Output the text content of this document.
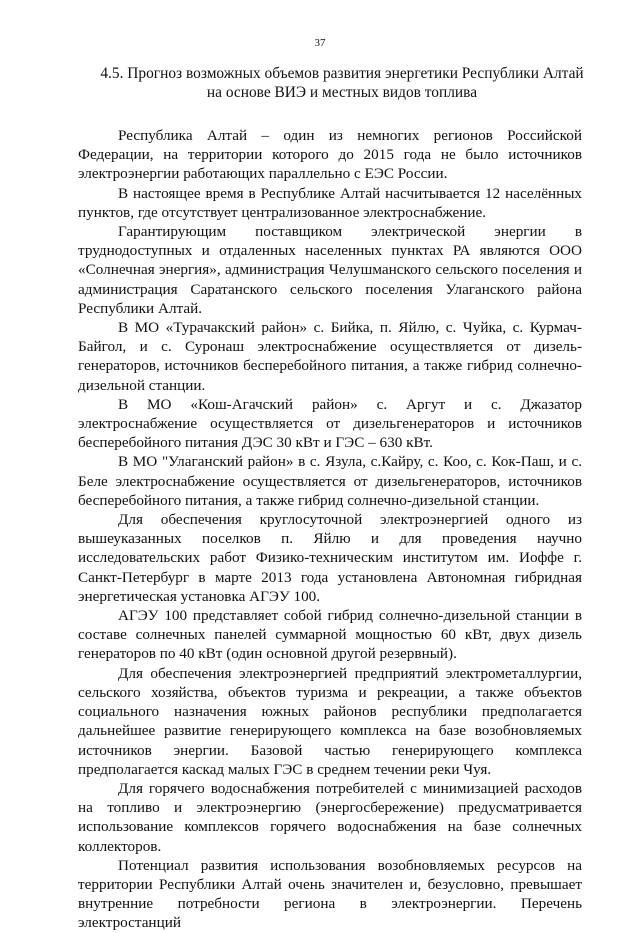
37
4.5. Прогноз возможных объемов развития энергетики Республики Алтай
на основе ВИЭ и местных видов топлива

Республика Алтай – один из немногих регионов Российской Федерации, на территории которого до 2015 года не было источников электроэнергии работающих параллельно с ЕЭС России.

В настоящее время в Республике Алтай насчитывается 12 населённых пунктов, где отсутствует централизованное электроснабжение.

Гарантирующим поставщиком электрической энергии в труднодоступных и отдаленных населенных пунктах РА являются ООО «Солнечная энергия», администрация Челушманского сельского поселения и администрация Саратанского сельского поселения Улаганского района Республики Алтай.

В МО «Турачакский район» с. Бийка, п. Яйлю, с. Чуйка, с. Курмач-Байгол, и с. Суронаш электроснабжение осуществляется от дизель-генераторов, источников бесперебойного питания, а также гибрид солнечно-дизельной станции.

В МО «Кош-Агачский район» с. Аргут и с. Джазатор электроснабжение осуществляется от дизельгенераторов и источников бесперебойного питания ДЭС 30 кВт и ГЭС – 630 кВт.

В МО "Улаганский район» в с. Язула, с.Кайру, с. Коо, с. Кок-Паш, и с. Беле электроснабжение осуществляется от дизельгенераторов, источников бесперебойного питания, а также гибрид солнечно-дизельной станции.

Для обеспечения круглосуточной электроэнергией одного из вышеуказанных поселков п. Яйлю и для проведения научно исследовательских работ Физико-техническим институтом им. Иоффе г. Санкт-Петербург в марте 2013 года установлена Автономная гибридная энергетическая установка АГЭУ 100.

АГЭУ 100 представляет собой гибрид солнечно-дизельной станции в составе солнечных панелей суммарной мощностью 60 кВт, двух дизель генераторов по 40 кВт (один основной другой резервный).

Для обеспечения электроэнергией предприятий электрометаллургии, сельского хозяйства, объектов туризма и рекреации, а также объектов социального назначения южных районов республики предполагается дальнейшее развитие генерирующего комплекса на базе возобновляемых источников энергии. Базовой частью генерирующего комплекса предполагается каскад малых ГЭС в среднем течении реки Чуя.

Для горячего водоснабжения потребителей с минимизацией расходов на топливо и электроэнергию (энергосбережение) предусматривается использование комплексов горячего водоснабжения на базе солнечных коллекторов.

Потенциал развития использования возобновляемых ресурсов на территории Республики Алтай очень значителен и, безусловно, превышает внутренние потребности региона в электроэнергии. Перечень электростанций
